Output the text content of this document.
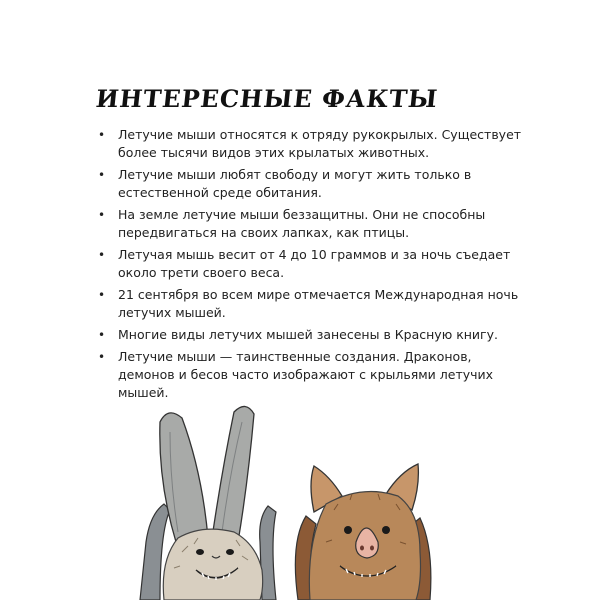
ИНТЕРЕСНЫЕ ФАКТЫ
• Летучие мыши относятся к отряду рукокрылых. Существует более тысячи видов этих крылатых животных.
• Летучие мыши любят свободу и могут жить только в естественной среде обитания.
• На земле летучие мыши беззащитны. Они не способны передвигаться на своих лапках, как птицы.
• Летучая мышь весит от 4 до 10 граммов и за ночь съедает около трети своего веса.
• 21 сентября во всем мире отмечается Международная ночь летучих мышей.
• Многие виды летучих мышей занесены в Красную книгу.
• Летучие мыши — таинственные создания. Драконов, демонов и бесов часто изображают с крыльями летучих мышей.
